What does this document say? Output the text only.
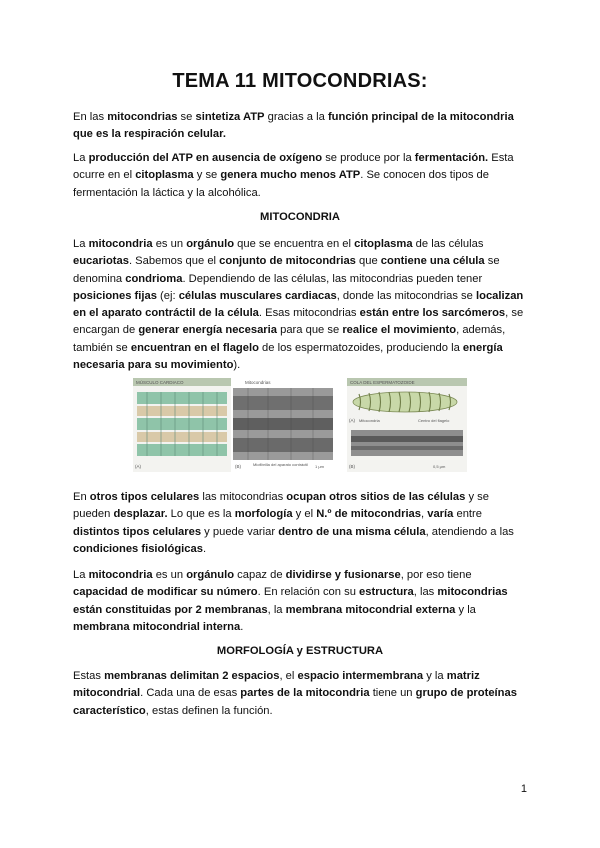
TEMA 11 MITOCONDRIAS:

En las mitocondrias se sintetiza ATP gracias a la función principal de la mitocondria que es la respiración celular.

La producción del ATP en ausencia de oxígeno se produce por la fermentación. Esta ocurre en el citoplasma y se genera mucho menos ATP. Se conocen dos tipos de fermentación la láctica y la alcohólica.

MITOCONDRIA

La mitocondria es un orgánulo que se encuentra en el citoplasma de las células eucariotas. Sabemos que el conjunto de mitocondrias que contiene una célula se denomina condrioma. Dependiendo de las células, las mitocondrias pueden tener posiciones fijas (ej: células musculares cardiacas, donde las mitocondrias se localizan en el aparato contráctil de la célula. Esas mitocondrias están entre los sarcómeros, se encargan de generar energía necesaria para que se realice el movimiento, además, también se encuentran en el flagelo de los espermatozoides, produciendo la energía necesaria para su movimiento).

MÚSCULO CARDIACO
(A)
Mitocondrias
(B)	Miofibrilla del aparato contráctil 1 μm
COLA DEL ESPERMATOZOIDE
(A) Mitocondria	Centro del flagelo
(B)	0,5 μm

En otros tipos celulares las mitocondrias ocupan otros sitios de las células y se pueden desplazar. Lo que es la morfología y el N.º de mitocondrias, varía entre distintos tipos celulares y puede variar dentro de una misma célula, atendiendo a las condiciones fisiológicas.

La mitocondria es un orgánulo capaz de dividirse y fusionarse, por eso tiene capacidad de modificar su número. En relación con su estructura, las mitocondrias están constituidas por 2 membranas, la membrana mitocondrial externa y la membrana mitocondrial interna.

MORFOLOGÍA y ESTRUCTURA

Estas membranas delimitan 2 espacios, el espacio intermembrana y la matriz mitocondrial. Cada una de esas partes de la mitocondria tiene un grupo de proteínas característico, estas definen la función.

1
